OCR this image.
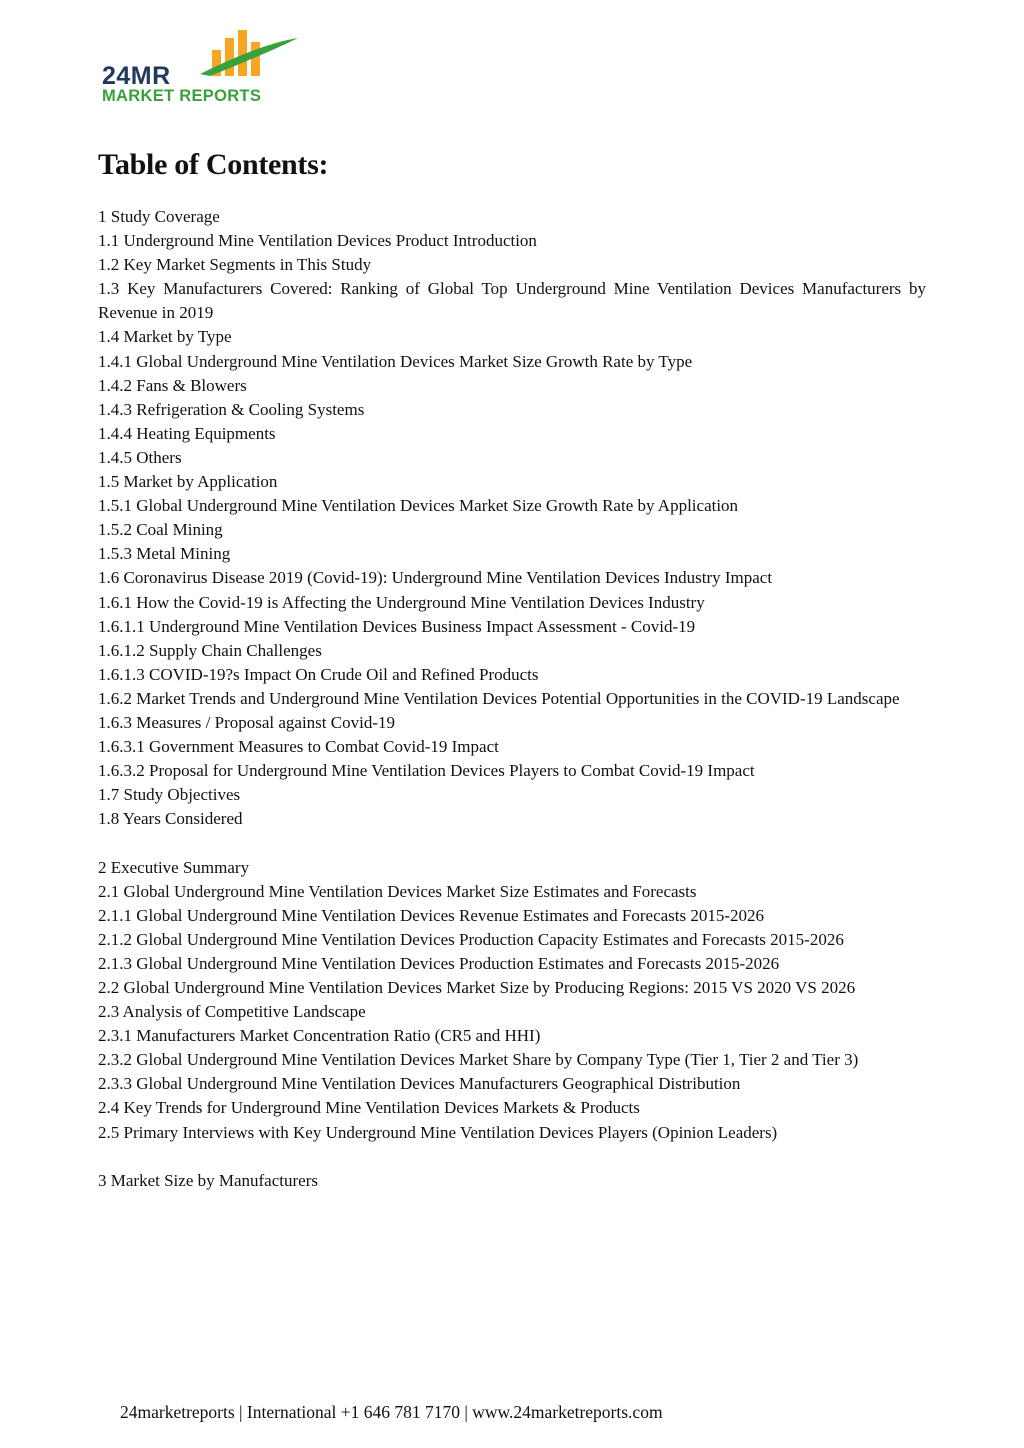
24MR
MARKET REPORTS
Table of Contents:
1 Study Coverage
1.1 Underground Mine Ventilation Devices Product Introduction
1.2 Key Market Segments in This Study
1.3 Key Manufacturers Covered: Ranking of Global Top Underground Mine Ventilation Devices Manufacturers by Revenue in 2019
1.4 Market by Type
1.4.1 Global Underground Mine Ventilation Devices Market Size Growth Rate by Type
1.4.2 Fans & Blowers
1.4.3 Refrigeration & Cooling Systems
1.4.4 Heating Equipments
1.4.5 Others
1.5 Market by Application
1.5.1 Global Underground Mine Ventilation Devices Market Size Growth Rate by Application
1.5.2 Coal Mining
1.5.3 Metal Mining
1.6 Coronavirus Disease 2019 (Covid-19): Underground Mine Ventilation Devices Industry Impact
1.6.1 How the Covid-19 is Affecting the Underground Mine Ventilation Devices Industry
1.6.1.1 Underground Mine Ventilation Devices Business Impact Assessment - Covid-19
1.6.1.2 Supply Chain Challenges
1.6.1.3 COVID-19?s Impact On Crude Oil and Refined Products
1.6.2 Market Trends and Underground Mine Ventilation Devices Potential Opportunities in the COVID-19 Landscape
1.6.3 Measures / Proposal against Covid-19
1.6.3.1 Government Measures to Combat Covid-19 Impact
1.6.3.2 Proposal for Underground Mine Ventilation Devices Players to Combat Covid-19 Impact
1.7 Study Objectives
1.8 Years Considered
2 Executive Summary
2.1 Global Underground Mine Ventilation Devices Market Size Estimates and Forecasts
2.1.1 Global Underground Mine Ventilation Devices Revenue Estimates and Forecasts 2015-2026
2.1.2 Global Underground Mine Ventilation Devices Production Capacity Estimates and Forecasts 2015-2026
2.1.3 Global Underground Mine Ventilation Devices Production Estimates and Forecasts 2015-2026
2.2 Global Underground Mine Ventilation Devices Market Size by Producing Regions: 2015 VS 2020 VS 2026
2.3 Analysis of Competitive Landscape
2.3.1 Manufacturers Market Concentration Ratio (CR5 and HHI)
2.3.2 Global Underground Mine Ventilation Devices Market Share by Company Type (Tier 1, Tier 2 and Tier 3)
2.3.3 Global Underground Mine Ventilation Devices Manufacturers Geographical Distribution
2.4 Key Trends for Underground Mine Ventilation Devices Markets & Products
2.5 Primary Interviews with Key Underground Mine Ventilation Devices Players (Opinion Leaders)
3 Market Size by Manufacturers
24marketreports | International +1 646 781 7170 | www.24marketreports.com
